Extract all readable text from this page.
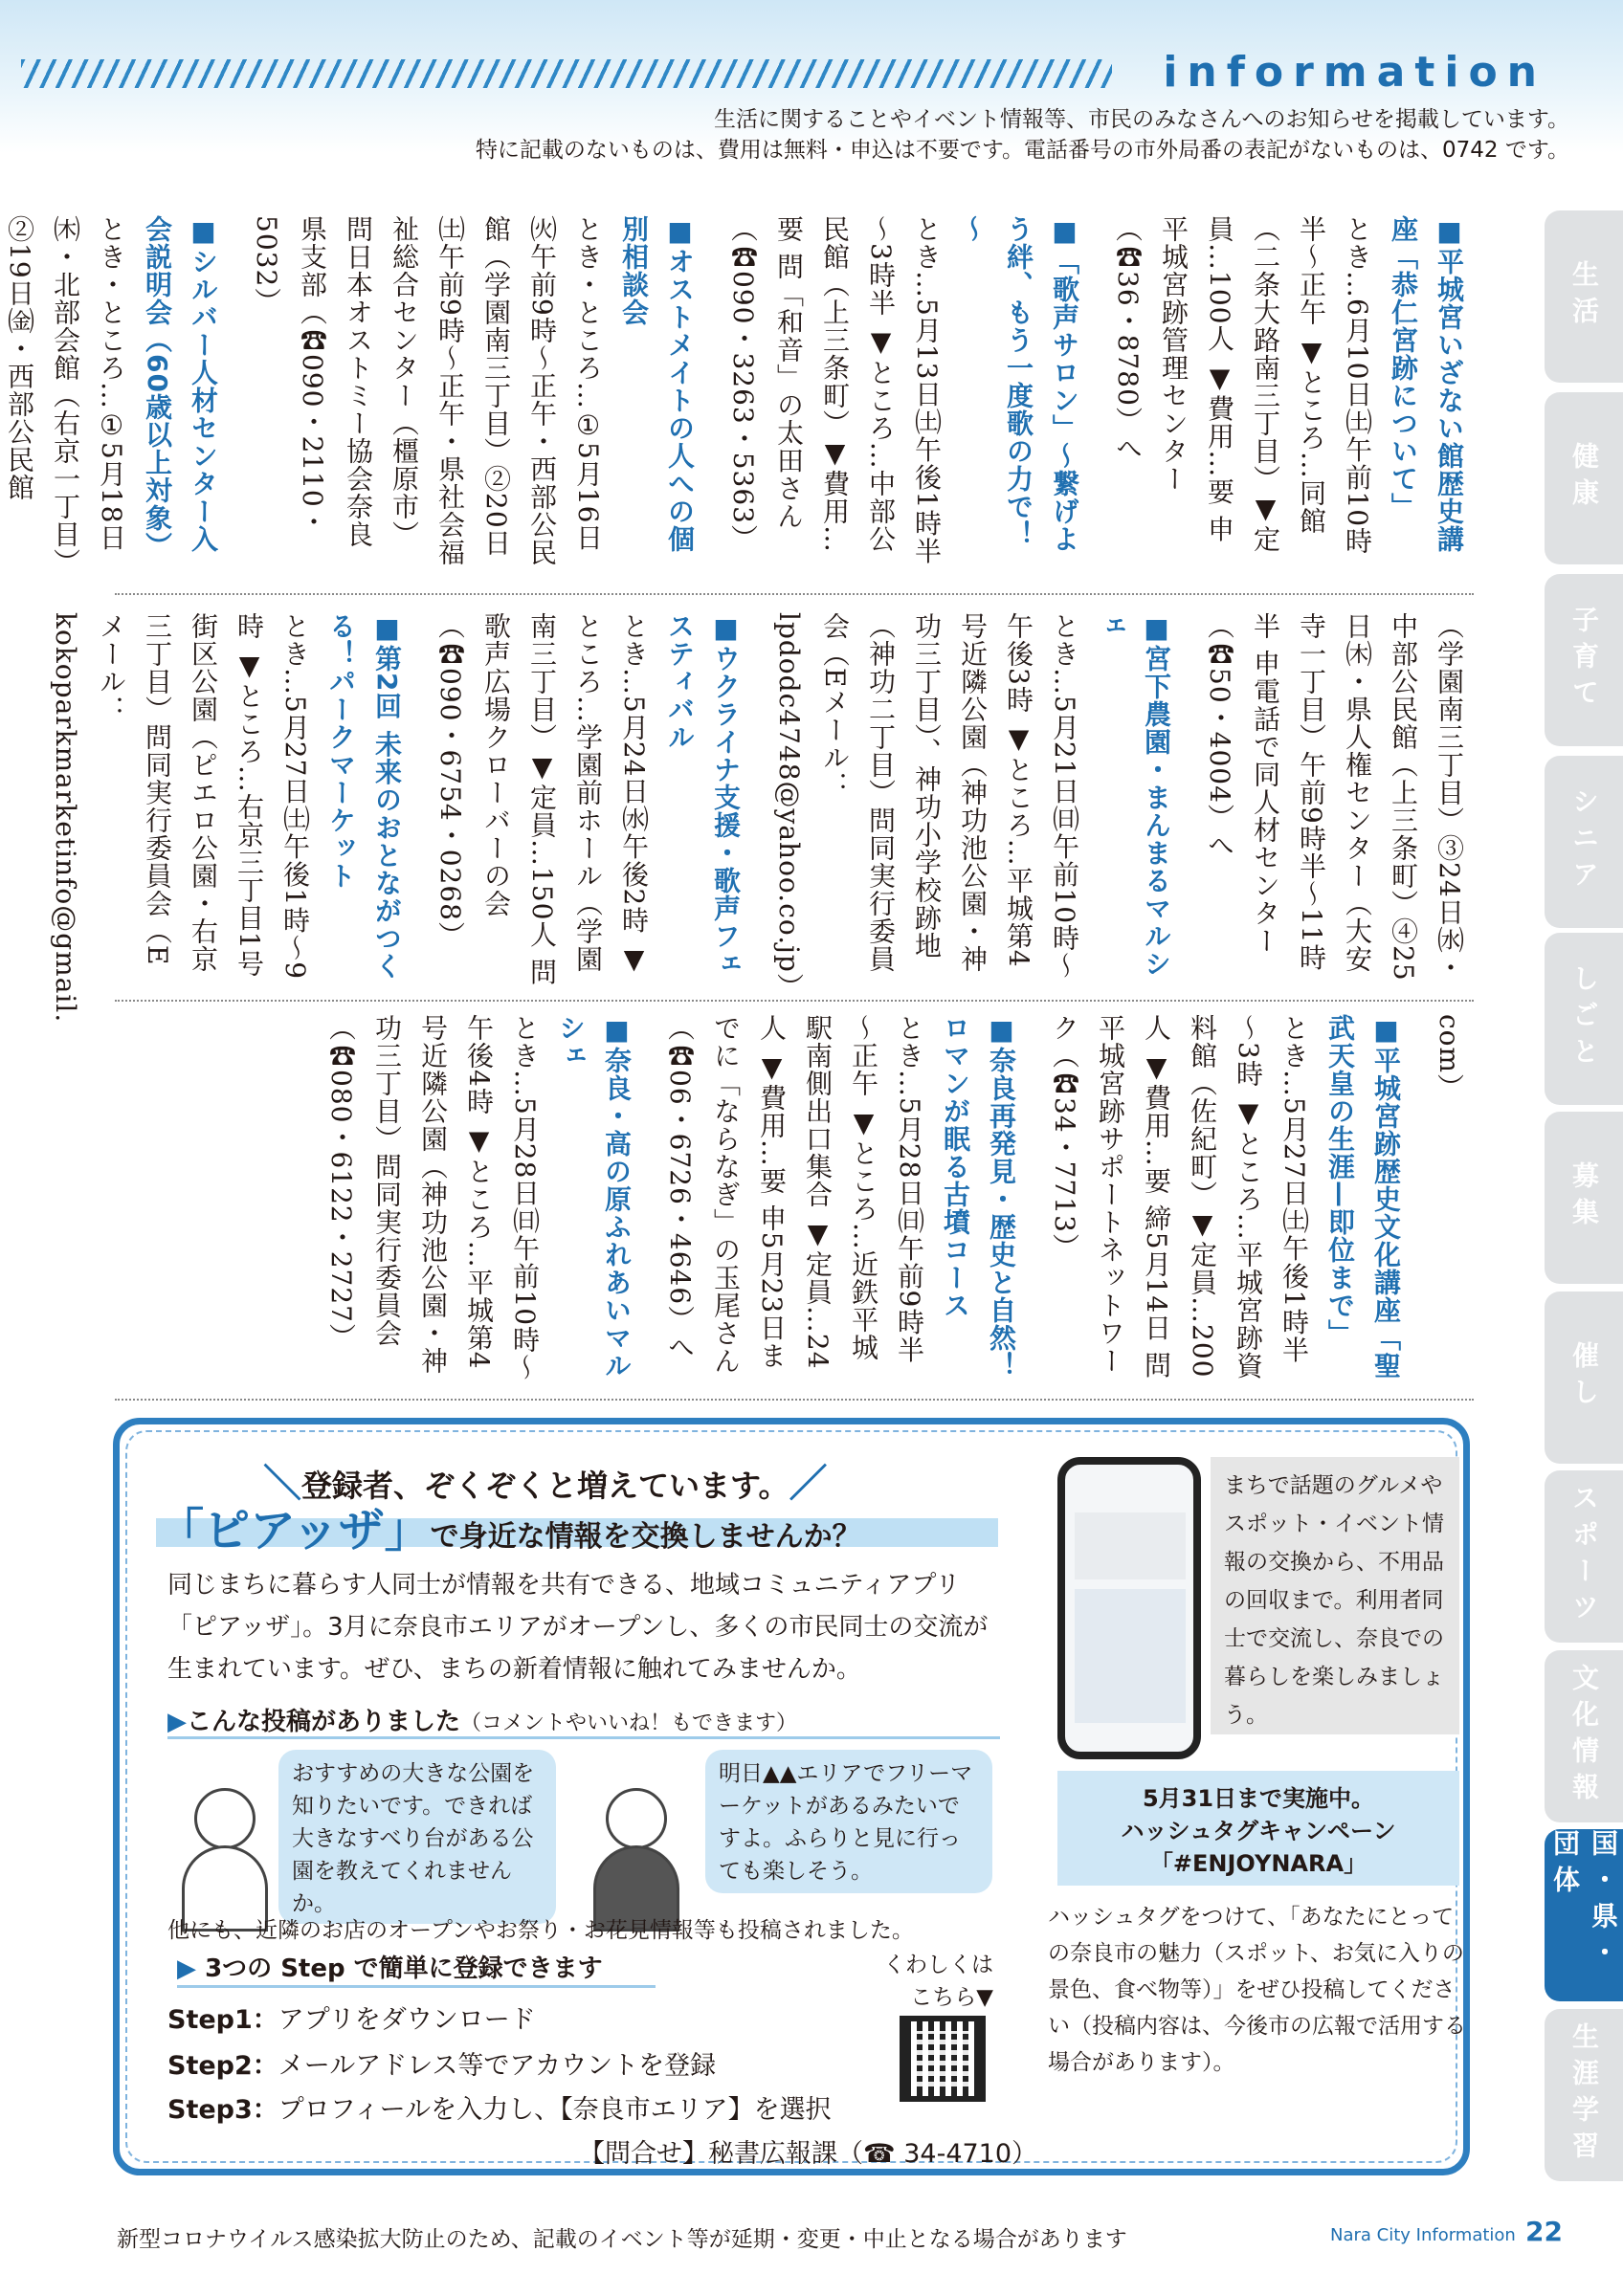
information
生活に関することやイベント情報等、市民のみなさんへのお知らせを掲載しています。
特に記載のないものは、費用は無料・申込は不要です。電話番号の市外局番の表記がないものは、0742 です。
■ 平城宮いざない館歴史講座「恭仁宮跡について」
とき…6月10日㈯午前10時半～正午 ▼ところ…同館（二条大路南三丁目）▼定員…100人 ▼費用…要 申平城宮跡管理センター（☎36・8780）へ
■ 「歌声サロン」～繋げよう絆、もう一度歌の力で！～
とき…5月13日㈯午後1時半～3時半 ▼ところ…中部公民館（上三条町）▼費用…要 問「和音」の太田さん（☎090・3263・5363）
■ オストメイトの人への個別相談会
とき・ところ…①5月16日㈫午前9時～正午・西部公民館（学園南三丁目）②20日㈯午前9時～正午・県社会福祉総合センター（橿原市）問日本オストミー協会奈良県支部（☎090・2110・5032）
■ シルバー人材センター入会説明会（60歳以上対象）
とき・ところ…①5月18日㈭・北部会館（右京一丁目）②19日㈮・西部公民館
（学園南三丁目）③24日㈬・中部公民館（上三条町）④25日㈭・県人権センター（大安寺一丁目）午前9時半～11時半 申電話で同人材センター（☎50・4004）へ
■ 宮下農園・まんまるマルシェ
とき…5月21日㈰午前10時～午後3時 ▼ところ…平城第4号近隣公園（神功池公園・神功三丁目）、神功小学校跡地（神功二丁目）問同実行委員会（Eメール：lpdodc4748@yahoo.co.jp）
■ ウクライナ支援・歌声フェスティバル
とき…5月24日㈬午後2時 ▼ところ…学園前ホール（学園南三丁目）▼定員…150人 問歌声広場クローバーの会（☎090・6754・0268）
■ 第2回 未来のおとながつくる！パークマーケット
とき…5月27日㈯午後1時～9時 ▼ところ…右京三丁目1号街区公園（ピエロ公園・右京三丁目）問同実行委員会（Eメール：kokoparkmarketinfo@gmail.
com）
■ 平城宮跡歴史文化講座「聖武天皇の生涯—即位まで」
とき…5月27日㈯午後1時半～3時 ▼ところ…平城宮跡資料館（佐紀町）▼定員…200人 ▼費用…要 締5月14日 問平城宮跡サポートネットワーク（☎34・7713）
■ 奈良再発見・歴史と自然！ロマンが眠る古墳コース
とき…5月28日㈰午前9時半～正午 ▼ところ…近鉄平城駅南側出口集合 ▼定員…24人 ▼費用…要 申5月23日までに「ならなぎ」の玉尾さん（☎06・6726・4646）へ
■ 奈良・高の原ふれあいマルシェ
とき…5月28日㈰午前10時～午後4時 ▼ところ…平城第4号近隣公園（神功池公園・神功三丁目）問同実行委員会（☎080・6122・2727）
生活
健康
子育て
シニア
しごと
募集
催し
スポーツ
文化情報
国・県・団体
生涯学習
＼登録者、ぞくぞくと増えています。／
「ピアッザ」で身近な情報を交換しませんか？
同じまちに暮らす人同士が情報を共有できる、地域コミュニティアプリ「ピアッザ」。3月に奈良市エリアがオープンし、多くの市民同士の交流が生まれています。ぜひ、まちの新着情報に触れてみませんか。
▶こんな投稿がありました（コメントやいいね！もできます）
おすすめの大きな公園を知りたいです。できれば大きなすべり台がある公園を教えてくれませんか。
明日▲▲エリアでフリーマーケットがあるみたいですよ。ふらりと見に行っても楽しそう。
他にも、近隣のお店のオープンやお祭り・お花見情報等も投稿されました。
▶ 3つの Step で簡単に登録できます
Step1：アプリをダウンロード
Step2：メールアドレス等でアカウントを登録
Step3：プロフィールを入力し、【奈良市エリア】を選択
くわしくは
こちら▼
【問合せ】秘書広報課（☎ 34-4710）
まちで話題のグルメやスポット・イベント情報の交換から、不用品の回収まで。利用者同士で交流し、奈良での暮らしを楽しみましょう。
5月31日まで実施中。
ハッシュタグキャンペーン
「#ENJOYNARA」
ハッシュタグをつけて、「あなたにとっての奈良市の魅力（スポット、お気に入りの景色、食べ物等）」をぜひ投稿してください（投稿内容は、今後市の広報で活用する場合があります）。
新型コロナウイルス感染拡大防止のため、記載のイベント等が延期・変更・中止となる場合があります	Nara City Information 22
